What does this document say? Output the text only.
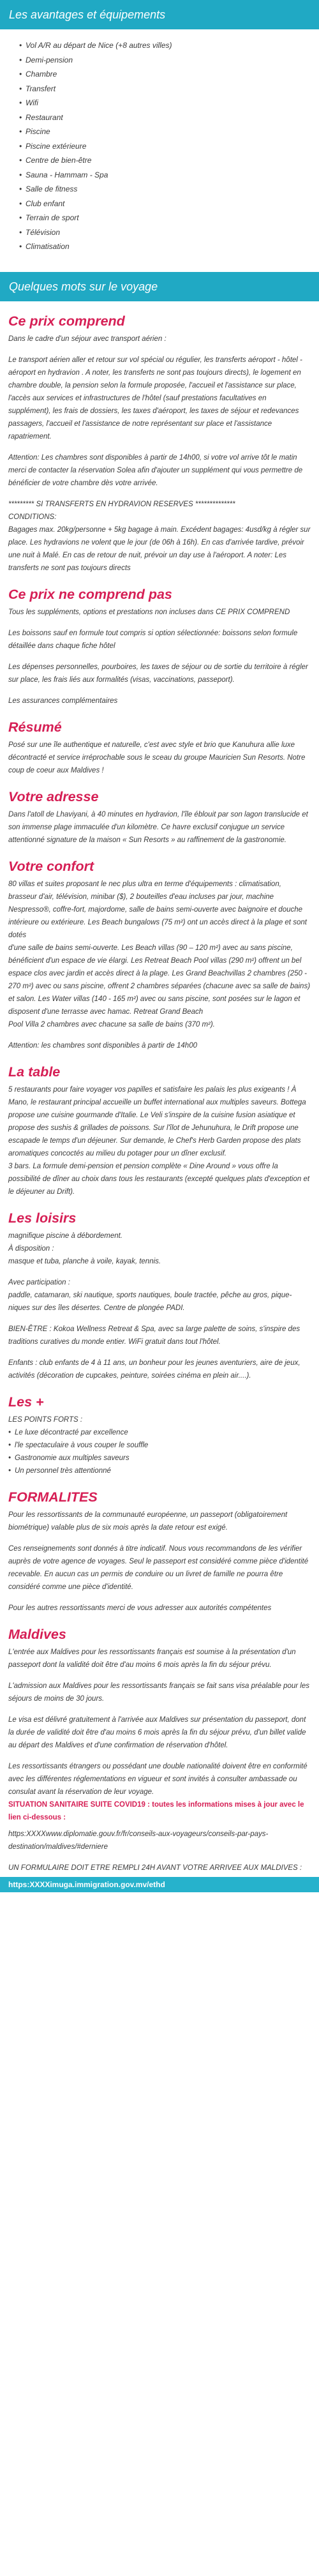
Les avantages et équipements
• Vol A/R au départ de Nice (+8 autres villes)
• Demi-pension
• Chambre
• Transfert
• Wifi
• Restaurant
• Piscine
• Piscine extérieure
• Centre de bien-être
• Sauna - Hammam - Spa
• Salle de fitness
• Club enfant
• Terrain de sport
• Télévision
• Climatisation
Quelques mots sur le voyage
Ce prix comprend

Dans le cadre d'un séjour avec transport aérien :

Le transport aérien aller et retour sur vol spécial ou régulier, les transferts aéroport - hôtel - aéroport en hydravion . A noter, les transferts ne sont pas toujours directs), le logement en chambre double, la pension selon la formule proposée, l'accueil et l'assistance sur place, l'accès aux services et infrastructures de l'hôtel (sauf prestations facultatives en supplément), les frais de dossiers, les taxes d'aéroport, les taxes de séjour et redevances passagers, l'accueil et l'assistance de notre représentant sur place et l'assistance rapatriement.

Attention: Les chambres sont disponibles à partir de 14h00, si votre vol arrive tôt le matin merci de contacter la réservation Solea afin d'ajouter un supplément qui vous permettre de bénéficier de votre chambre dès votre arrivée.

********* SI TRANSFERTS EN HYDRAVION RESERVES **************

CONDITIONS:

Bagages max. 20kg/personne + 5kg bagage à main. Excédent bagages: 4usd/kg à régler sur place. Les hydravions ne volent que le jour (de 06h à 16h). En cas d'arrivée tardive, prévoir une nuit à Malé. En cas de retour de nuit, prévoir un day use à l'aéroport. A noter: Les transferts ne sont pas toujours directs

Ce prix ne comprend pas

Tous les suppléments, options et prestations non incluses dans CE PRIX COMPREND

Les boissons sauf en formule tout compris si option sélectionnée: boissons selon formule détaillée dans chaque fiche hôtel

Les dépenses personnelles, pourboires, les taxes de séjour ou de sortie du territoire à régler sur place, les frais liés aux formalités (visas, vaccinations, passeport).

Les assurances complémentaires

Résumé

Posé sur une île authentique et naturelle, c'est avec style et brio que Kanuhura allie luxe décontracté et service irréprochable sous le sceau du groupe Mauricien Sun Resorts. Notre coup de coeur aux Maldives !

Votre adresse

Dans l'atoll de Lhaviyani, à 40 minutes en hydravion, l'île éblouit par son lagon translucide et son immense plage immaculée d'un kilomètre. Ce havre exclusif conjugue un service attentionné signature de la maison « Sun Resorts » au raffinement de la gastronomie.

Votre confort

80 villas et suites proposant le nec plus ultra en terme d'équipements : climatisation, brasseur d'air, télévision, minibar ($), 2 bouteilles d'eau incluses par jour, machine Nespresso®, coffre-fort, majordome, salle de bains semi-ouverte avec baignoire et douche intérieure ou extérieure. Les Beach bungalows (75 m²) ont un accès direct à la plage et sont dotés

d'une salle de bains semi-ouverte. Les Beach villas (90 – 120 m²) avec au sans piscine, bénéficient d'un espace de vie élargi. Les Retreat Beach Pool villas (290 m²) offrent un bel espace clos avec jardin et accès direct à la plage. Les Grand Beachvillas 2 chambres (250 - 270 m²) avec ou sans piscine, offrent 2 chambres séparées (chacune avec sa salle de bains) et salon. Les Water villas (140 - 165 m²) avec ou sans piscine, sont posées sur le lagon et disposent d'une terrasse avec hamac. Retreat Grand Beach

Pool Villa 2 chambres avec chacune sa salle de bains (370 m²).

Attention: les chambres sont disponibles à partir de 14h00

La table

5 restaurants pour faire voyager vos papilles et satisfaire les palais les plus exigeants ! À Mano, le restaurant principal accueille un buffet international aux multiples saveurs. Bottega propose une cuisine gourmande d'Italie. Le Veli s'inspire de la cuisine fusion asiatique et propose des sushis & grillades de poissons. Sur l'îlot de Jehunuhura, le Drift propose une escapade le temps d'un déjeuner. Sur demande, le Chef's Herb Garden propose des plats aromatiques concoctés au milieu du potager pour un dîner exclusif.

3 bars. La formule demi-pension et pension complète « Dine Around » vous offre la possibilité de dîner au choix dans tous les restaurants (excepté quelques plats d'exception et le déjeuner au Drift).

Les loisirs

magnifique piscine à débordement.

À disposition :

masque et tuba, planche à voile, kayak, tennis.

Avec participation :

paddle, catamaran, ski nautique, sports nautiques, boule tractée, pêche au gros, pique-niques sur des îles désertes. Centre de plongée PADI.

BIEN-ÊTRE : Kokoa Wellness Retreat & Spa, avec sa large palette de soins, s'inspire des traditions curatives du monde entier. WiFi gratuit dans tout l'hôtel.

Enfants : club enfants de 4 à 11 ans, un bonheur pour les jeunes aventuriers, aire de jeux, activités (décoration de cupcakes, peinture, soirées cinéma en plein air....).

Les +

LES POINTS FORTS :

• Le luxe décontracté par excellence
• l'le spectaculaire à vous couper le souffle
• Gastronomie aux multiples saveurs
• Un personnel très attentionné
FORMALITES

Pour les ressortissants de la communauté européenne, un passeport (obligatoirement biométrique) valable plus de six mois après la date retour est exigé.

Ces renseignements sont donnés à titre indicatif. Nous vous recommandons de les vérifier auprès de votre agence de voyages. Seul le passeport est considéré comme pièce d'identité recevable. En aucun cas un permis de conduire ou un livret de famille ne pourra être considéré comme une pièce d'identité.

Pour les autres ressortissants merci de vous adresser aux autorités compétentes

Maldives

L'entrée aux Maldives pour les ressortissants français est soumise à la présentation d'un passeport dont la validité doit être d'au moins 6 mois après la fin du séjour prévu.

L'admission aux Maldives pour les ressortissants français se fait sans visa préalable pour les séjours de moins de 30 jours.

Le visa est délivré gratuitement à l'arrivée aux Maldives sur présentation du passeport, dont la durée de validité doit être d'au moins 6 mois après la fin du séjour prévu, d'un billet valide au départ des Maldives et d'une confirmation de réservation d'hôtel.

Les ressortissants étrangers ou possédant une double nationalité doivent être en conformité avec les différentes réglementations en vigueur et sont invités à consulter ambassade ou consulat avant la réservation de leur voyage.

SITUATION SANITAIRE SUITE COVID19 : toutes les informations mises à jour avec le lien ci-dessous :

https:XXXXwww.diplomatie.gouv.fr/fr/conseils-aux-voyageurs/conseils-par-pays-destination/maldives/#derniere

UN FORMULAIRE DOIT ETRE REMPLI 24H AVANT VOTRE ARRIVEE AUX MALDIVES :

https:XXXXimuga.immigration.gov.mv/ethd
